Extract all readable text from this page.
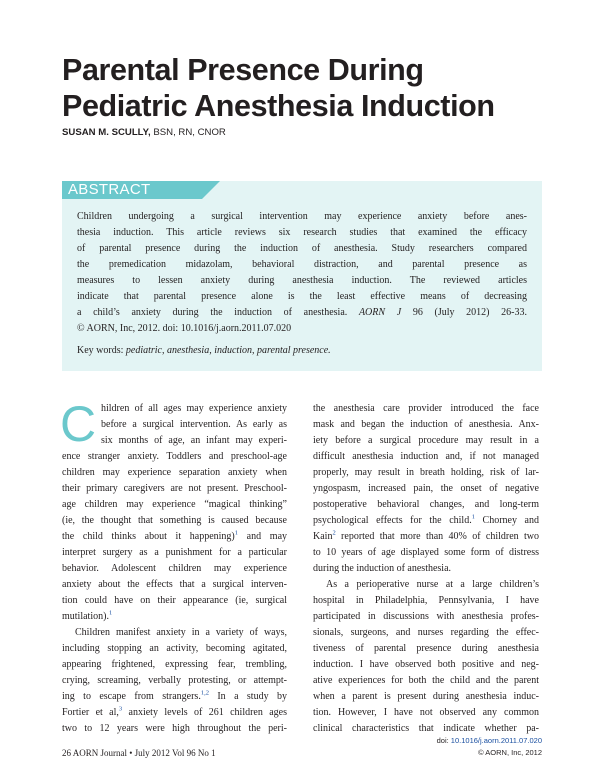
Parental Presence During
Pediatric Anesthesia Induction
SUSAN M. SCULLY, BSN, RN, CNOR
ABSTRACT
Children undergoing a surgical intervention may experience anxiety before anes-
thesia induction. This article reviews six research studies that examined the efficacy
of parental presence during the induction of anesthesia. Study researchers compared
the premedication midazolam, behavioral distraction, and parental presence as
measures to lessen anxiety during anesthesia induction. The reviewed articles
indicate that parental presence alone is the least effective means of decreasing
a child’s anxiety during the induction of anesthesia. AORN J 96 (July 2012) 26-33.
© AORN, Inc, 2012. doi: 10.1016/j.aorn.2011.07.020
Key words: pediatric, anesthesia, induction, parental presence.
C hildren of all ages may experience anxiety
before a surgical intervention. As early as
six months of age, an infant may experi-
ence stranger anxiety. Toddlers and preschool-age
children may experience separation anxiety when
their primary caregivers are not present. Preschool-
age children may experience “magical thinking”
(ie, the thought that something is caused because
the child thinks about it happening)$^1$ and may
interpret surgery as a punishment for a particular
behavior. Adolescent children may experience
anxiety about the effects that a surgical interven-
tion could have on their appearance (ie, surgical
mutilation).$^1$
Children manifest anxiety in a variety of ways,
including stopping an activity, becoming agitated,
appearing frightened, expressing fear, trembling,
crying, screaming, verbally protesting, or attempt-
ing to escape from strangers.$^{1,2}$ In a study by
Fortier et al,$^3$ anxiety levels of 261 children ages
two to 12 years were high throughout the peri-
the anesthesia care provider introduced the face
mask and began the induction of anesthesia. Anx-
iety before a surgical procedure may result in a
difficult anesthesia induction and, if not managed
properly, may result in breath holding, risk of lar-
yngospasm, increased pain, the onset of negative
postoperative behavioral changes, and long-term
psychological effects for the child.$^1$ Chorney and
Kain$^2$ reported that more than 40% of children two
to 10 years of age displayed some form of distress
during the induction of anesthesia.
As a perioperative nurse at a large children’s
hospital in Philadelphia, Pennsylvania, I have
participated in discussions with anesthesia profes-
sionals, surgeons, and nurses regarding the effec-
tiveness of parental presence during anesthesia
induction. I have observed both positive and neg-
ative experiences for both the child and the parent
when a parent is present during anesthesia induc-
tion. However, I have not observed any common
clinical characteristics that indicate whether pa-
doi: 10.1016/j.aorn.2011.07.020
© AORN, Inc, 2012
26 AORN Journal • July 2012 Vol 96 No 1
